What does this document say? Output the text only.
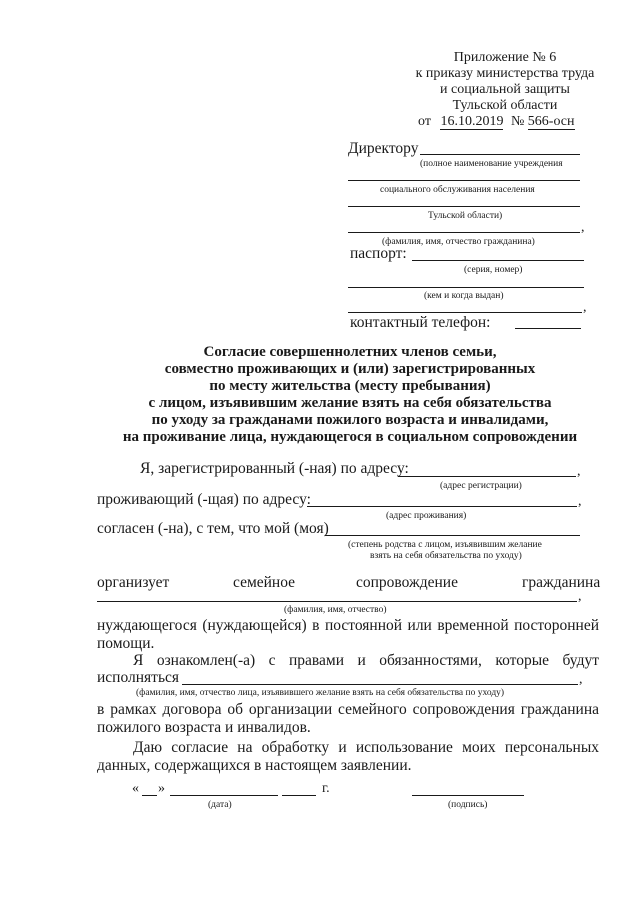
Приложение № 6
к приказу министерства труда
и социальной защиты
Тульской области
от 16.10.2019 № 566-осн
Директору
(полное наименование учреждения
социального обслуживания населения
Тульской области)
,
(фамилия, имя, отчество гражданина)
паспорт:
(серия, номер)
(кем и когда выдан)
,
контактный телефон:
Согласие совершеннолетних членов семьи,
совместно проживающих и (или) зарегистрированных
по месту жительства (месту пребывания)
с лицом, изъявившим желание взять на себя обязательства
по уходу за гражданами пожилого возраста и инвалидами,
на проживание лица, нуждающегося в социальном сопровождении
Я, зарегистрированный (-ная) по адресу:	,
(адрес регистрации)
проживающий (-щая) по адресу:	,
(адрес проживания)
согласен (-на), с тем, что мой (моя)
(степень родства с лицом, изъявившим желание
взять на себя обязательства по уходу)
организует	семейное	сопровождение	гражданина
,
(фамилия, имя, отчество)
нуждающегося (нуждающейся) в постоянной или временной посторонней помощи.
Я ознакомлен(-а) с правами и обязанностями, которые будут
исполняться	,
(фамилия, имя, отчество лица, изъявившего желание взять на себя обязательства по уходу)
в рамках договора об организации семейного сопровождения гражданина пожилого возраста и инвалидов.
Даю согласие на обработку и использование моих персональных данных, содержащихся в настоящем заявлении.
« »	г.
(дата)	(подпись)
